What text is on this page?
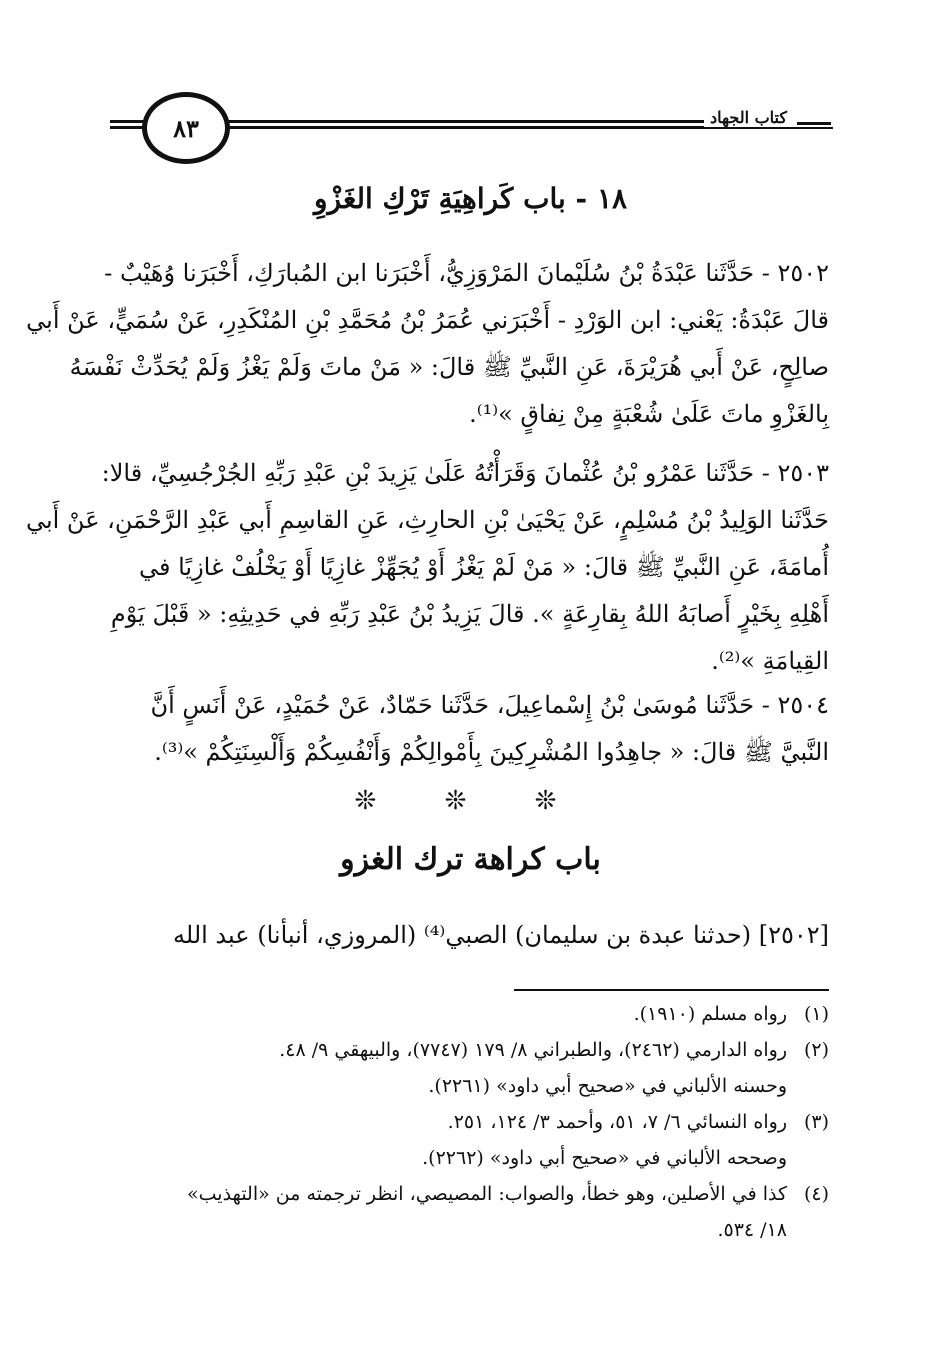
كتاب الجهاد
٨٣
١٨ - باب كَراهِيَةِ تَرْكِ الغَزْوِ
٢٥٠٢ - حَدَّثَنا عَبْدَةُ بْنُ سُلَيْمانَ المَرْوَزِيُّ، أَخْبَرَنا ابن المُبارَكِ، أَخْبَرَنا وُهَيْبٌ -
قالَ عَبْدَةُ: يَعْني: ابن الوَرْدِ - أَخْبَرَني عُمَرُ بْنُ مُحَمَّدِ بْنِ المُنْكَدِرِ، عَنْ سُمَيٍّ، عَنْ أَبي
صالِحٍ، عَنْ أَبي هُرَيْرَةَ، عَنِ النَّبيِّ ﷺ قالَ: « مَنْ ماتَ وَلَمْ يَغْزُ وَلَمْ يُحَدِّثْ نَفْسَهُ
بِالغَزْوِ ماتَ عَلَىٰ شُعْبَةٍ مِنْ نِفاقٍ »⁽¹⁾.
٢٥٠٣ - حَدَّثَنا عَمْرُو بْنُ عُثْمانَ وَقَرَأْتُهُ عَلَىٰ يَزِيدَ بْنِ عَبْدِ رَبِّهِ الجُرْجُسِيِّ، قالا:
حَدَّثَنا الوَلِيدُ بْنُ مُسْلِمٍ، عَنْ يَحْيَىٰ بْنِ الحارِثِ، عَنِ القاسِمِ أَبي عَبْدِ الرَّحْمَنِ، عَنْ أَبي
أُمامَةَ، عَنِ النَّبيِّ ﷺ قالَ: « مَنْ لَمْ يَغْزُ أَوْ يُجَهِّزْ غازِيًا أَوْ يَخْلُفْ غازِيًا في
أَهْلِهِ بِخَيْرٍ أَصابَهُ اللهُ بِقارِعَةٍ ». قالَ يَزِيدُ بْنُ عَبْدِ رَبِّهِ في حَدِيثِهِ: « قَبْلَ يَوْمِ
القِيامَةِ »⁽²⁾.
٢٥٠٤ - حَدَّثَنا مُوسَىٰ بْنُ إِسْماعِيلَ، حَدَّثَنا حَمّادٌ، عَنْ حُمَيْدٍ، عَنْ أَنَسٍ أَنَّ
النَّبيَّ ﷺ قالَ: « جاهِدُوا المُشْرِكِينَ بِأَمْوالِكُمْ وَأَنْفُسِكُمْ وَأَلْسِنَتِكُمْ »⁽³⁾.
❊ ❊ ❊
باب كراهة ترك الغزو
[٢٥٠٢] (حدثنا عبدة بن سليمان) الصبي⁽⁴⁾ (المروزي، أنبأنا) عبد الله
(١)
رواه مسلم (١٩١٠).
(٢)
رواه الدارمي (٢٤٦٢)، والطبراني ٨/ ١٧٩ (٧٧٤٧)، والبيهقي ٩/ ٤٨.
وحسنه الألباني في «صحيح أبي داود» (٢٢٦١).
(٣)
رواه النسائي ٦/ ٧، ٥١، وأحمد ٣/ ١٢٤، ٢٥١.
وصححه الألباني في «صحيح أبي داود» (٢٢٦٢).
(٤)
كذا في الأصلين، وهو خطأ، والصواب: المصيصي، انظر ترجمته من «التهذيب»
١٨/ ٥٣٤.
